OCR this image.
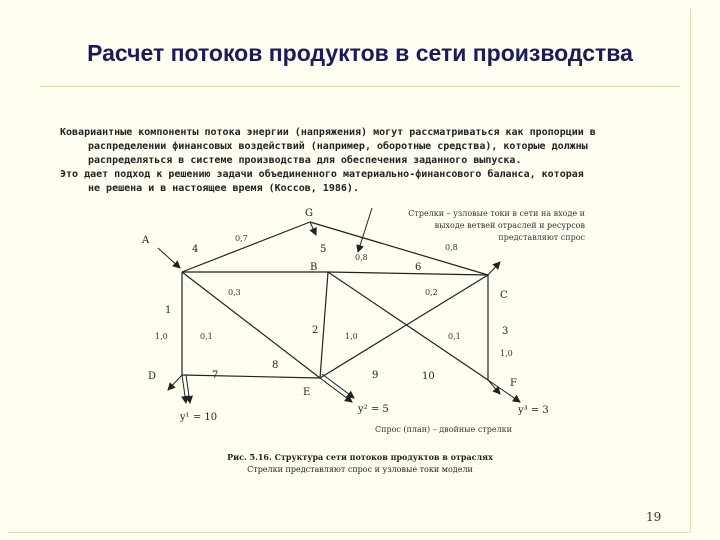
Расчет потоков продуктов в сети производства
Ковариантные компоненты потока энергии (напряжения) могут рассматриваться как пропорции в
распределении финансовых воздействий (например, оборотные средства), которые должны
распределяться в системе производства для обеспечения заданного выпуска.
Это дает подход к решению задачи объединенного материально-финансового баланса, которая
не решена и в настоящее время (Коссов, 1986).
G
A
B
C
D
E
F
1
2	3
4	5
6
7
8
9	10
0,7
0,8
0,8
0,3	0,2
1,0	0,1	1,0	0,1
1,0
y¹ = 10
y² = 5	y³ = 3
Стрелки – узловые токи в сети на входе и
выходе ветвей отраслей и ресурсов
представляют спрос
Спрос (план) – двойные стрелки
Рис. 5.16. Структура сети потоков продуктов в отраслях
Стрелки представляют спрос и узловые токи модели
19
